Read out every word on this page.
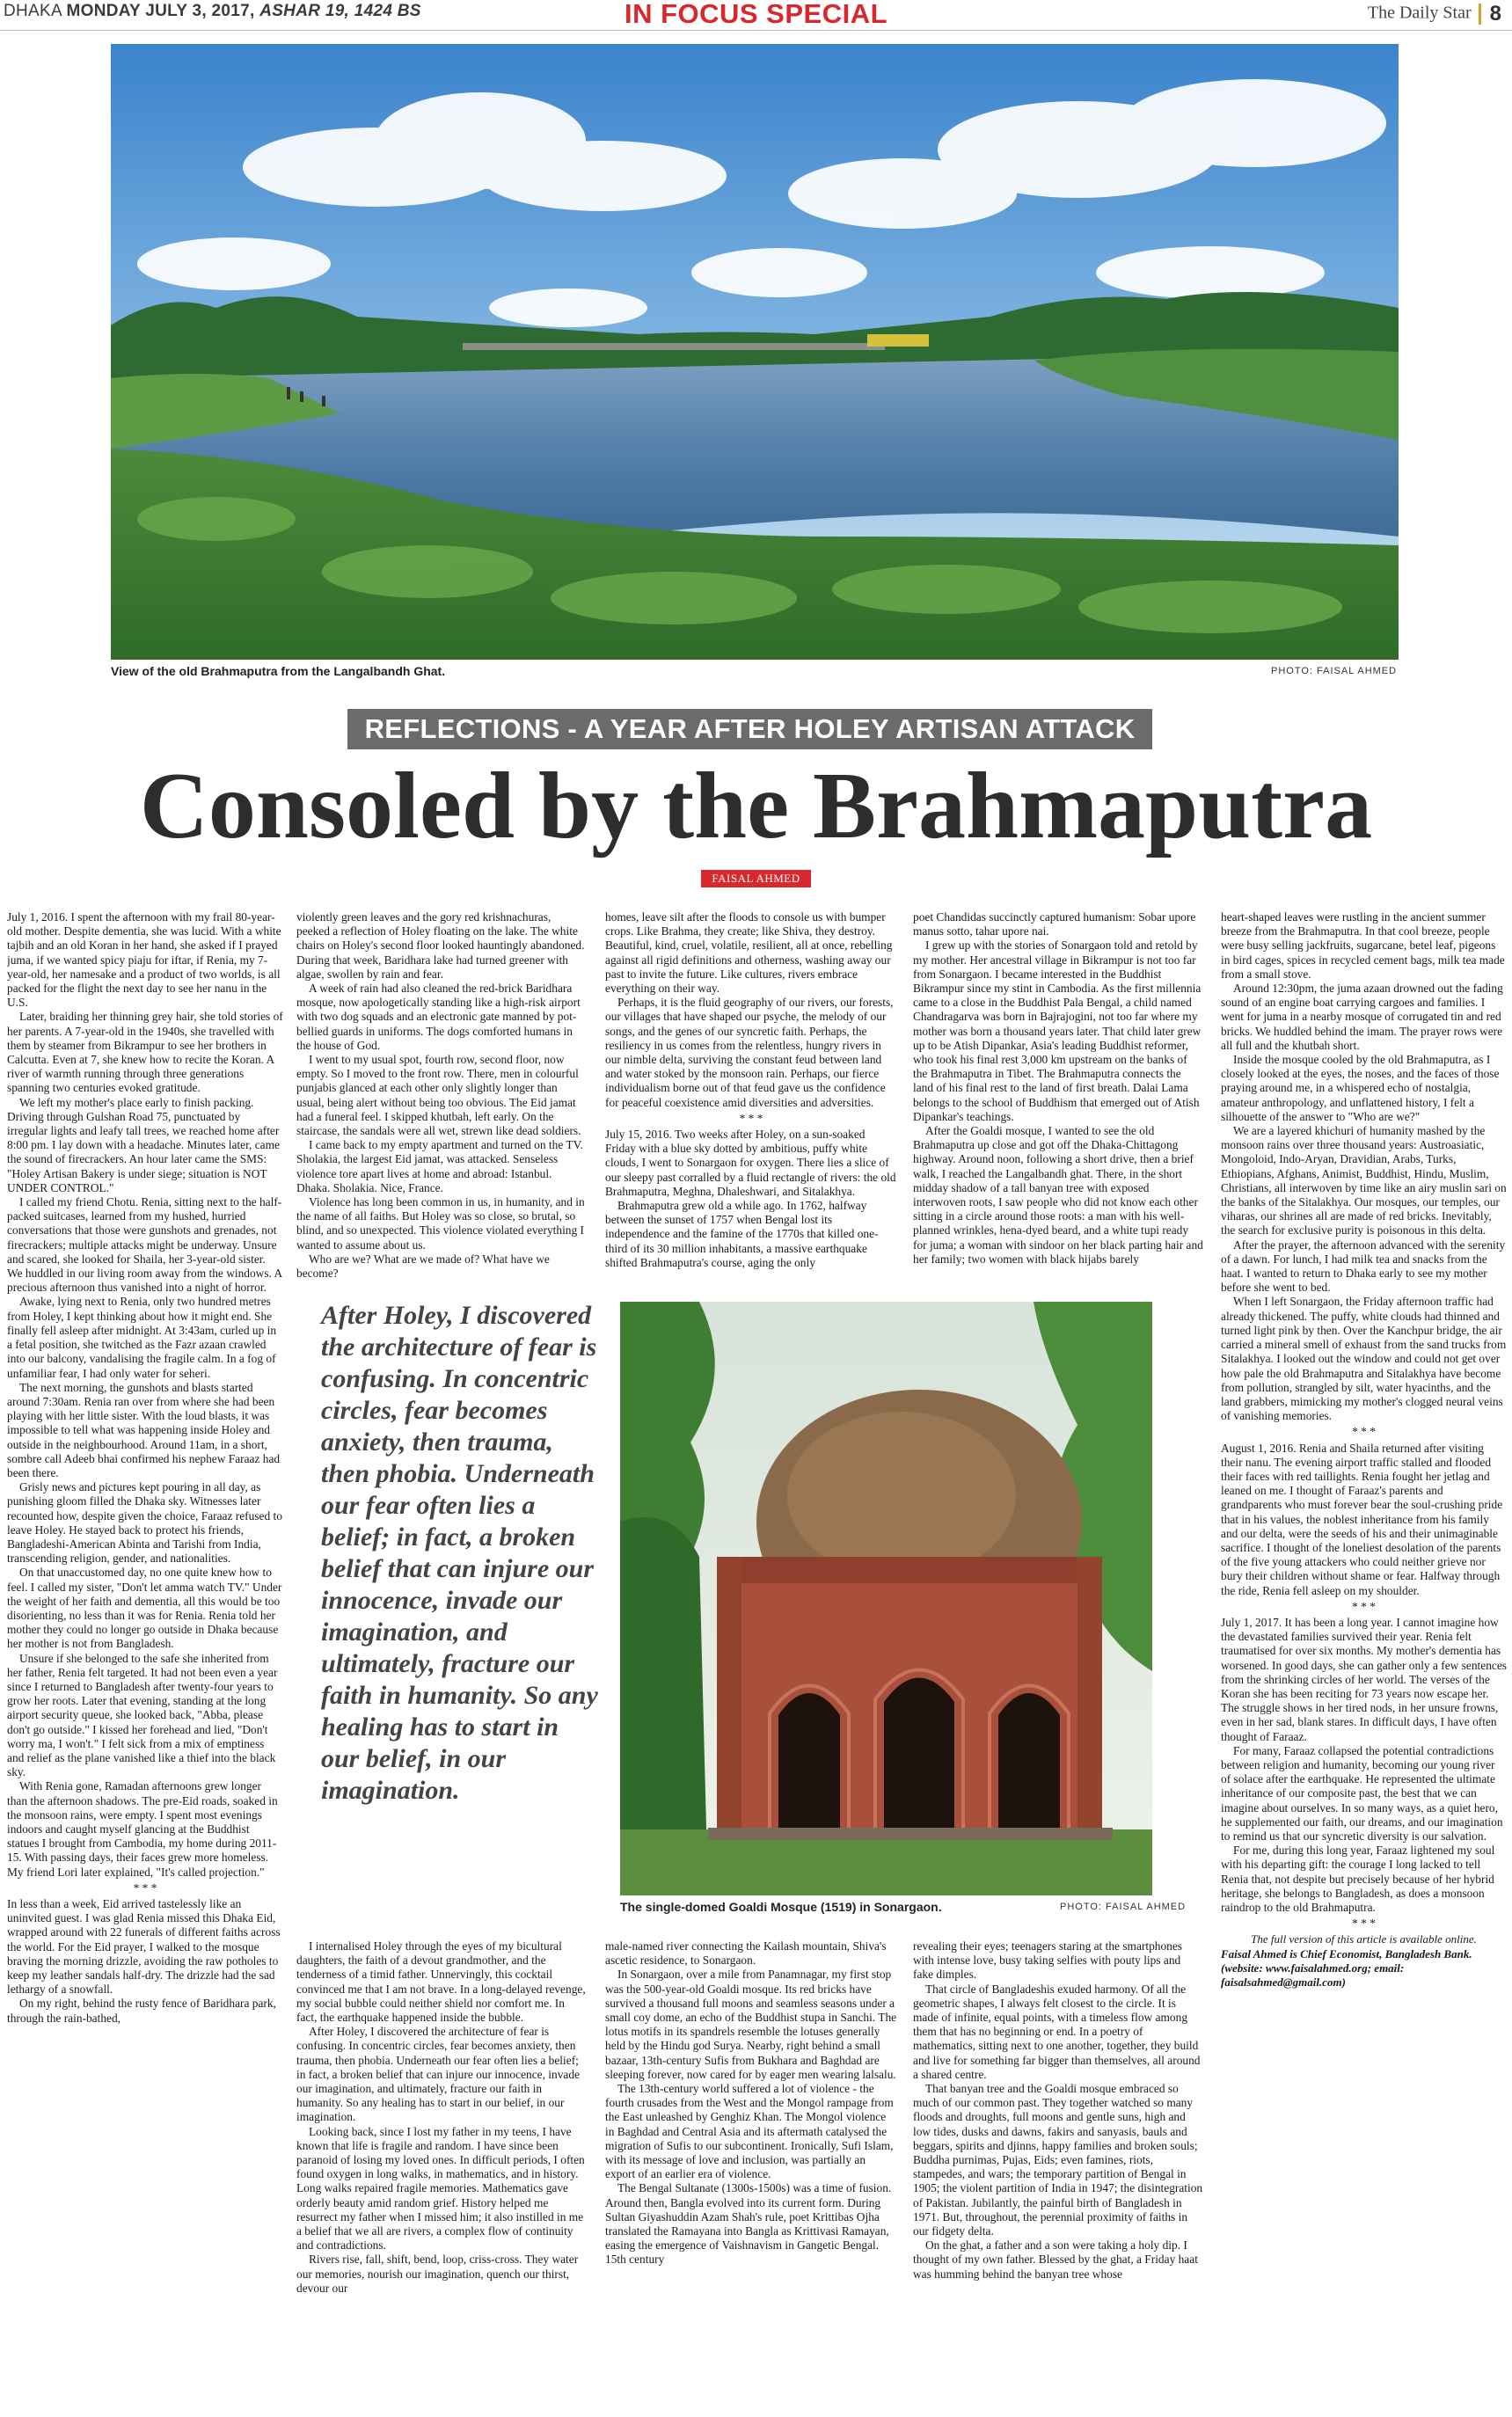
DHAKA MONDAY JULY 3, 2017, ASHAR 19, 1424 BS	IN FOCUS SPECIAL	The Daily Star 8
View of the old Brahmaputra from the Langalbandh Ghat.	PHOTO: FAISAL AHMED
REFLECTIONS - A YEAR AFTER HOLEY ARTISAN ATTACK
Consoled by the Brahmaputra
FAISAL AHMED

July 1, 2016. I spent the afternoon with my frail 80-year-old mother. Despite dementia, she was lucid. With a white tajbih and an old Koran in her hand, she asked if I prayed juma, if we wanted spicy piaju for iftar, if Renia, my 7-year-old, her namesake and a product of two worlds, is all packed for the flight the next day to see her nanu in the U.S.

Later, braiding her thinning grey hair, she told stories of her parents. A 7-year-old in the 1940s, she travelled with them by steamer from Bikrampur to see her brothers in Calcutta. Even at 7, she knew how to recite the Koran. A river of warmth running through three generations spanning two centuries evoked gratitude.

We left my mother's place early to finish packing. Driving through Gulshan Road 75, punctuated by irregular lights and leafy tall trees, we reached home after 8:00 pm. I lay down with a headache. Minutes later, came the sound of firecrackers. An hour later came the SMS: "Holey Artisan Bakery is under siege; situation is NOT UNDER CONTROL."

I called my friend Chotu. Renia, sitting next to the half-packed suitcases, learned from my hushed, hurried conversations that those were gunshots and grenades, not firecrackers; multiple attacks might be underway. Unsure and scared, she looked for Shaila, her 3-year-old sister. We huddled in our living room away from the windows. A precious afternoon thus vanished into a night of horror.

Awake, lying next to Renia, only two hundred metres from Holey, I kept thinking about how it might end. She finally fell asleep after midnight. At 3:43am, curled up in a fetal position, she twitched as the Fazr azaan crawled into our balcony, vandalising the fragile calm. In a fog of unfamiliar fear, I had only water for seheri.

The next morning, the gunshots and blasts started around 7:30am. Renia ran over from where she had been playing with her little sister. With the loud blasts, it was impossible to tell what was happening inside Holey and outside in the neighbourhood. Around 11am, in a short, sombre call Adeeb bhai confirmed his nephew Faraaz had been there.

Grisly news and pictures kept pouring in all day, as punishing gloom filled the Dhaka sky. Witnesses later recounted how, despite given the choice, Faraaz refused to leave Holey. He stayed back to protect his friends, Bangladeshi-American Abinta and Tarishi from India, transcending religion, gender, and nationalities.

On that unaccustomed day, no one quite knew how to feel. I called my sister, "Don't let amma watch TV." Under the weight of her faith and dementia, all this would be too disorienting, no less than it was for Renia. Renia told her mother they could no longer go outside in Dhaka because her mother is not from Bangladesh.

Unsure if she belonged to the safe she inherited from her father, Renia felt targeted. It had not been even a year since I returned to Bangladesh after twenty-four years to grow her roots. Later that evening, standing at the long airport security queue, she looked back, "Abba, please don't go outside." I kissed her forehead and lied, "Don't worry ma, I won't." I felt sick from a mix of emptiness and relief as the plane vanished like a thief into the black sky.

With Renia gone, Ramadan afternoons grew longer than the afternoon shadows. The pre-Eid roads, soaked in the monsoon rains, were empty. I spent most evenings indoors and caught myself glancing at the Buddhist statues I brought from Cambodia, my home during 2011-15. With passing days, their faces grew more homeless. My friend Lori later explained, "It's called projection."

* * *

In less than a week, Eid arrived tastelessly like an uninvited guest. I was glad Renia missed this Dhaka Eid, wrapped around with 22 funerals of different faiths across the world. For the Eid prayer, I walked to the mosque braving the morning drizzle, avoiding the raw potholes to keep my leather sandals half-dry. The drizzle had the sad lethargy of a snowfall.

On my right, behind the rusty fence of Baridhara park, through the rain-bathed,

violently green leaves and the gory red krishnachuras, peeked a reflection of Holey floating on the lake. The white chairs on Holey's second floor looked hauntingly abandoned. During that week, Baridhara lake had turned greener with algae, swollen by rain and fear.

A week of rain had also cleaned the red-brick Baridhara mosque, now apologetically standing like a high-risk airport with two dog squads and an electronic gate manned by pot-bellied guards in uniforms. The dogs comforted humans in the house of God.

I went to my usual spot, fourth row, second floor, now empty. So I moved to the front row. There, men in colourful punjabis glanced at each other only slightly longer than usual, being alert without being too obvious. The Eid jamat had a funeral feel. I skipped khutbah, left early. On the staircase, the sandals were all wet, strewn like dead soldiers.

I came back to my empty apartment and turned on the TV. Sholakia, the largest Eid jamat, was attacked. Senseless violence tore apart lives at home and abroad: Istanbul. Dhaka. Sholakia. Nice, France.

Violence has long been common in us, in humanity, and in the name of all faiths. But Holey was so close, so brutal, so blind, and so unexpected. This violence violated everything I wanted to assume about us.

Who are we? What are we made of? What have we become?

homes, leave silt after the floods to console us with bumper crops. Like Brahma, they create; like Shiva, they destroy. Beautiful, kind, cruel, volatile, resilient, all at once, rebelling against all rigid definitions and otherness, washing away our past to invite the future. Like cultures, rivers embrace everything on their way.

Perhaps, it is the fluid geography of our rivers, our forests, our villages that have shaped our psyche, the melody of our songs, and the genes of our syncretic faith. Perhaps, the resiliency in us comes from the relentless, hungry rivers in our nimble delta, surviving the constant feud between land and water stoked by the monsoon rain. Perhaps, our fierce individualism borne out of that feud gave us the confidence for peaceful coexistence amid diversities and adversities.

* * *

July 15, 2016. Two weeks after Holey, on a sun-soaked Friday with a blue sky dotted by ambitious, puffy white clouds, I went to Sonargaon for oxygen. There lies a slice of our sleepy past corralled by a fluid rectangle of rivers: the old Brahmaputra, Meghna, Dhaleshwari, and Sitalakhya.

Brahmaputra grew old a while ago. In 1762, halfway between the sunset of 1757 when Bengal lost its independence and the famine of the 1770s that killed one-third of its 30 million inhabitants, a massive earthquake shifted Brahmaputra's course, aging the only

poet Chandidas succinctly captured humanism: Sobar upore manus sotto, tahar upore nai.

I grew up with the stories of Sonargaon told and retold by my mother. Her ancestral village in Bikrampur is not too far from Sonargaon. I became interested in the Buddhist Bikrampur since my stint in Cambodia. As the first millennia came to a close in the Buddhist Pala Bengal, a child named Chandragarva was born in Bajrajogini, not too far where my mother was born a thousand years later. That child later grew up to be Atish Dipankar, Asia's leading Buddhist reformer, who took his final rest 3,000 km upstream on the banks of the Brahmaputra in Tibet. The Brahmaputra connects the land of his final rest to the land of first breath. Dalai Lama belongs to the school of Buddhism that emerged out of Atish Dipankar's teachings.

After the Goaldi mosque, I wanted to see the old Brahmaputra up close and got off the Dhaka-Chittagong highway. Around noon, following a short drive, then a brief walk, I reached the Langalbandh ghat. There, in the short midday shadow of a tall banyan tree with exposed interwoven roots, I saw people who did not know each other sitting in a circle around those roots: a man with his well-planned wrinkles, hena-dyed beard, and a white tupi ready for juma; a woman with sindoor on her black parting hair and her family; two women with black hijabs barely

heart-shaped leaves were rustling in the ancient summer breeze from the Brahmaputra. In that cool breeze, people were busy selling jackfruits, sugarcane, betel leaf, pigeons in bird cages, spices in recycled cement bags, milk tea made from a small stove.

Around 12:30pm, the juma azaan drowned out the fading sound of an engine boat carrying cargoes and families. I went for juma in a nearby mosque of corrugated tin and red bricks. We huddled behind the imam. The prayer rows were all full and the khutbah short.

Inside the mosque cooled by the old Brahmaputra, as I closely looked at the eyes, the noses, and the faces of those praying around me, in a whispered echo of nostalgia, amateur anthropology, and unflattened history, I felt a silhouette of the answer to "Who are we?"

We are a layered khichuri of humanity mashed by the monsoon rains over three thousand years: Austroasiatic, Mongoloid, Indo-Aryan, Dravidian, Arabs, Turks, Ethiopians, Afghans, Animist, Buddhist, Hindu, Muslim, Christians, all interwoven by time like an airy muslin sari on the banks of the Sitalakhya. Our mosques, our temples, our viharas, our shrines all are made of red bricks. Inevitably, the search for exclusive purity is poisonous in this delta.

After the prayer, the afternoon advanced with the serenity of a dawn. For lunch, I had milk tea and snacks from the haat. I wanted to return to Dhaka early to see my mother before she went to bed.

When I left Sonargaon, the Friday afternoon traffic had already thickened. The puffy, white clouds had thinned and turned light pink by then. Over the Kanchpur bridge, the air carried a mineral smell of exhaust from the sand trucks from Sitalakhya. I looked out the window and could not get over how pale the old Brahmaputra and Sitalakhya have become from pollution, strangled by silt, water hyacinths, and the land grabbers, mimicking my mother's clogged neural veins of vanishing memories.

* * *

August 1, 2016. Renia and Shaila returned after visiting their nanu. The evening airport traffic stalled and flooded their faces with red taillights. Renia fought her jetlag and leaned on me. I thought of Faraaz's parents and grandparents who must forever bear the soul-crushing pride that in his values, the noblest inheritance from his family and our delta, were the seeds of his and their unimaginable sacrifice. I thought of the loneliest desolation of the parents of the five young attackers who could neither grieve nor bury their children without shame or fear. Halfway through the ride, Renia fell asleep on my shoulder.

* * *

July 1, 2017. It has been a long year. I cannot imagine how the devastated families survived their year. Renia felt traumatised for over six months. My mother's dementia has worsened. In good days, she can gather only a few sentences from the shrinking circles of her world. The verses of the Koran she has been reciting for 73 years now escape her. The struggle shows in her tired nods, in her unsure frowns, even in her sad, blank stares. In difficult days, I have often thought of Faraaz.

For many, Faraaz collapsed the potential contradictions between religion and humanity, becoming our young river of solace after the earthquake. He represented the ultimate inheritance of our composite past, the best that we can imagine about ourselves. In so many ways, as a quiet hero, he supplemented our faith, our dreams, and our imagination to remind us that our syncretic diversity is our salvation.

For me, during this long year, Faraaz lightened my soul with his departing gift: the courage I long lacked to tell Renia that, not despite but precisely because of her hybrid heritage, she belongs to Bangladesh, as does a monsoon raindrop to the old Brahmaputra.

* * *

The full version of this article is available online.

Faisal Ahmed is Chief Economist, Bangladesh Bank. (website: www.faisalahmed.org; email: faisalsahmed@gmail.com)

After Holey, I discovered the architecture of fear is confusing. In concentric circles, fear becomes anxiety, then trauma, then phobia. Underneath our fear often lies a belief; in fact, a broken belief that can injure our innocence, invade our imagination, and ultimately, fracture our faith in humanity. So any healing has to start in our belief, in our imagination.
The single-domed Goaldi Mosque (1519) in Sonargaon.	PHOTO: FAISAL AHMED

I internalised Holey through the eyes of my bicultural daughters, the faith of a devout grandmother, and the tenderness of a timid father. Unnervingly, this cocktail convinced me that I am not brave. In a long-delayed revenge, my social bubble could neither shield nor comfort me. In fact, the earthquake happened inside the bubble.

After Holey, I discovered the architecture of fear is confusing. In concentric circles, fear becomes anxiety, then trauma, then phobia. Underneath our fear often lies a belief; in fact, a broken belief that can injure our innocence, invade our imagination, and ultimately, fracture our faith in humanity. So any healing has to start in our belief, in our imagination.

Looking back, since I lost my father in my teens, I have known that life is fragile and random. I have since been paranoid of losing my loved ones. In difficult periods, I often found oxygen in long walks, in mathematics, and in history. Long walks repaired fragile memories. Mathematics gave orderly beauty amid random grief. History helped me resurrect my father when I missed him; it also instilled in me a belief that we all are rivers, a complex flow of continuity and contradictions.

Rivers rise, fall, shift, bend, loop, criss-cross. They water our memories, nourish our imagination, quench our thirst, devour our

male-named river connecting the Kailash mountain, Shiva's ascetic residence, to Sonargaon.

In Sonargaon, over a mile from Panamnagar, my first stop was the 500-year-old Goaldi mosque. Its red bricks have survived a thousand full moons and seamless seasons under a small coy dome, an echo of the Buddhist stupa in Sanchi. The lotus motifs in its spandrels resemble the lotuses generally held by the Hindu god Surya. Nearby, right behind a small bazaar, 13th-century Sufis from Bukhara and Baghdad are sleeping forever, now cared for by eager men wearing lalsalu.

The 13th-century world suffered a lot of violence - the fourth crusades from the West and the Mongol rampage from the East unleashed by Genghiz Khan. The Mongol violence in Baghdad and Central Asia and its aftermath catalysed the migration of Sufis to our subcontinent. Ironically, Sufi Islam, with its message of love and inclusion, was partially an export of an earlier era of violence.

The Bengal Sultanate (1300s-1500s) was a time of fusion. Around then, Bangla evolved into its current form. During Sultan Giyashuddin Azam Shah's rule, poet Krittibas Ojha translated the Ramayana into Bangla as Krittivasi Ramayan, easing the emergence of Vaishnavism in Gangetic Bengal. 15th century

revealing their eyes; teenagers staring at the smartphones with intense love, busy taking selfies with pouty lips and fake dimples.

That circle of Bangladeshis exuded harmony. Of all the geometric shapes, I always felt closest to the circle. It is made of infinite, equal points, with a timeless flow among them that has no beginning or end. In a poetry of mathematics, sitting next to one another, together, they build and live for something far bigger than themselves, all around a shared centre.

That banyan tree and the Goaldi mosque embraced so much of our common past. They together watched so many floods and droughts, full moons and gentle suns, high and low tides, dusks and dawns, fakirs and sanyasis, bauls and beggars, spirits and djinns, happy families and broken souls; Buddha purnimas, Pujas, Eids; even famines, riots, stampedes, and wars; the temporary partition of Bengal in 1905; the violent partition of India in 1947; the disintegration of Pakistan. Jubilantly, the painful birth of Bangladesh in 1971. But, throughout, the perennial proximity of faiths in our fidgety delta.

On the ghat, a father and a son were taking a holy dip. I thought of my own father. Blessed by the ghat, a Friday haat was humming behind the banyan tree whose
